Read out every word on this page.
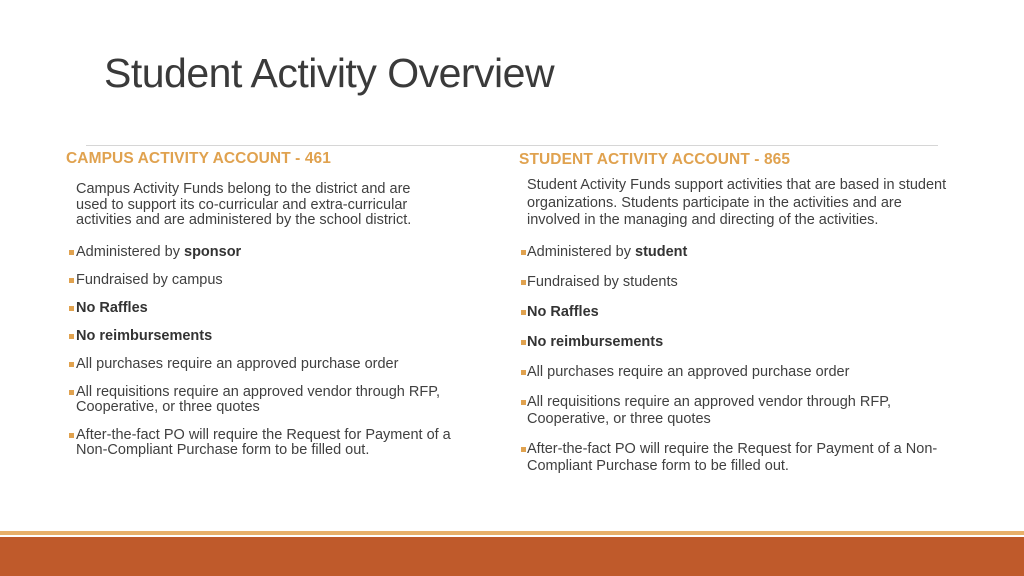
Student Activity Overview
CAMPUS ACTIVITY ACCOUNT - 461

Campus Activity Funds belong to the district and are used to support its co-curricular and extra-curricular activities and are administered by the school district.

Administered by sponsor
Fundraised by campus
No Raffles
No reimbursements
All purchases require an approved purchase order
All requisitions require an approved vendor through RFP, Cooperative, or three quotes
After-the-fact PO will require the Request for Payment of a Non-Compliant Purchase form to be filled out.
STUDENT ACTIVITY ACCOUNT - 865

Student Activity Funds support activities that are based in student organizations. Students participate in the activities and are involved in the managing and directing of the activities.

Administered by student
Fundraised by students
No Raffles
No reimbursements
All purchases require an approved purchase order
All requisitions require an approved vendor through RFP, Cooperative, or three quotes
After-the-fact PO will require the Request for Payment of a Non-Compliant Purchase form to be filled out.
